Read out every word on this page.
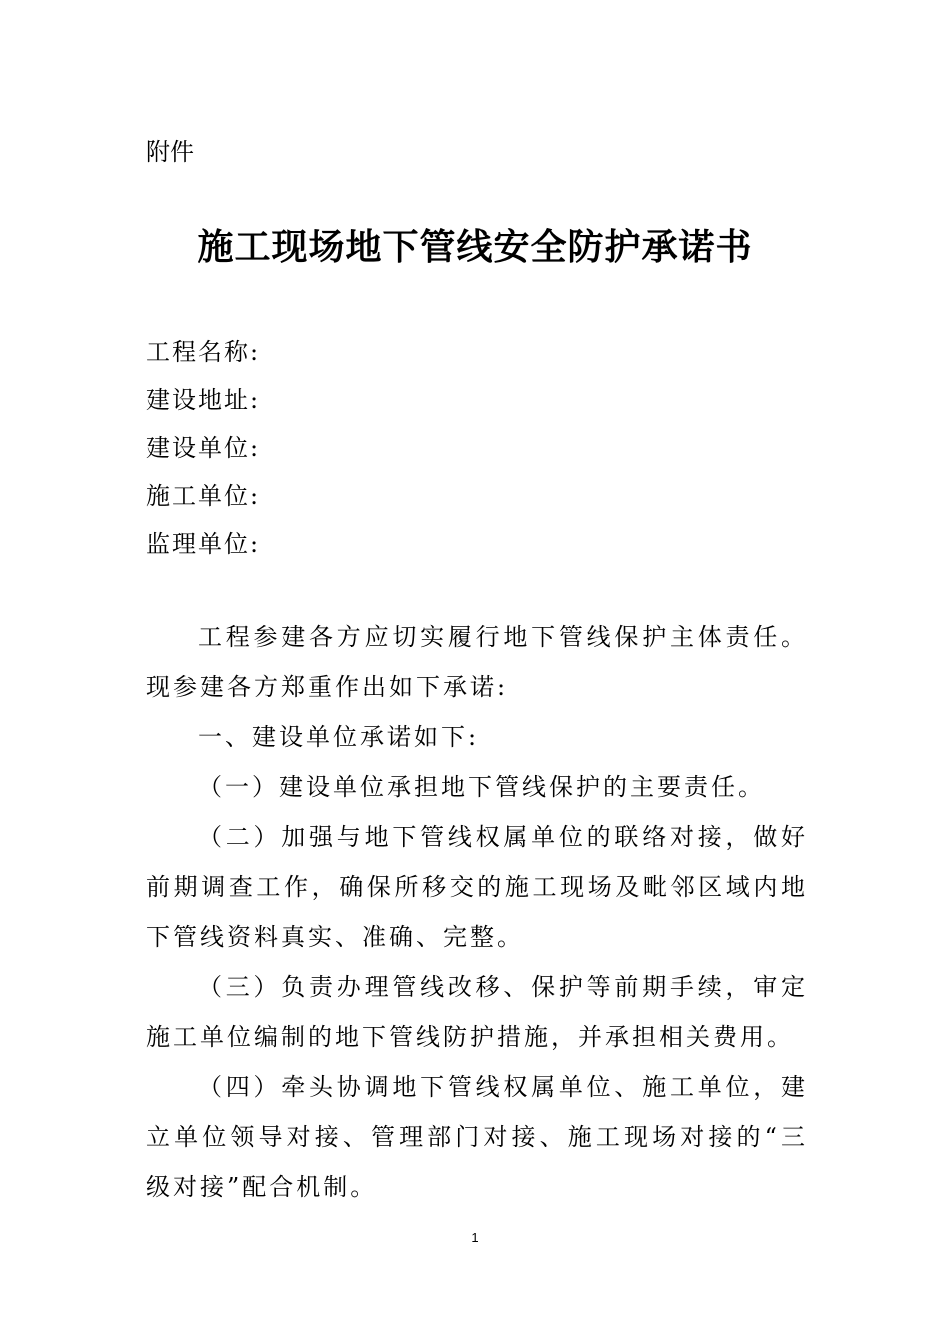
附件
施工现场地下管线安全防护承诺书
工程名称:
建设地址:
建设单位:
施工单位:
监理单位:

工程参建各方应切实履行地下管线保护主体责任。现参建各方郑重作出如下承诺:

一、建设单位承诺如下:

（一）建设单位承担地下管线保护的主要责任。

（二）加强与地下管线权属单位的联络对接，做好前期调查工作，确保所移交的施工现场及毗邻区域内地下管线资料真实、准确、完整。

（三）负责办理管线改移、保护等前期手续，审定施工单位编制的地下管线防护措施，并承担相关费用。

（四）牵头协调地下管线权属单位、施工单位，建立单位领导对接、管理部门对接、施工现场对接的“三级对接”配合机制。

1
